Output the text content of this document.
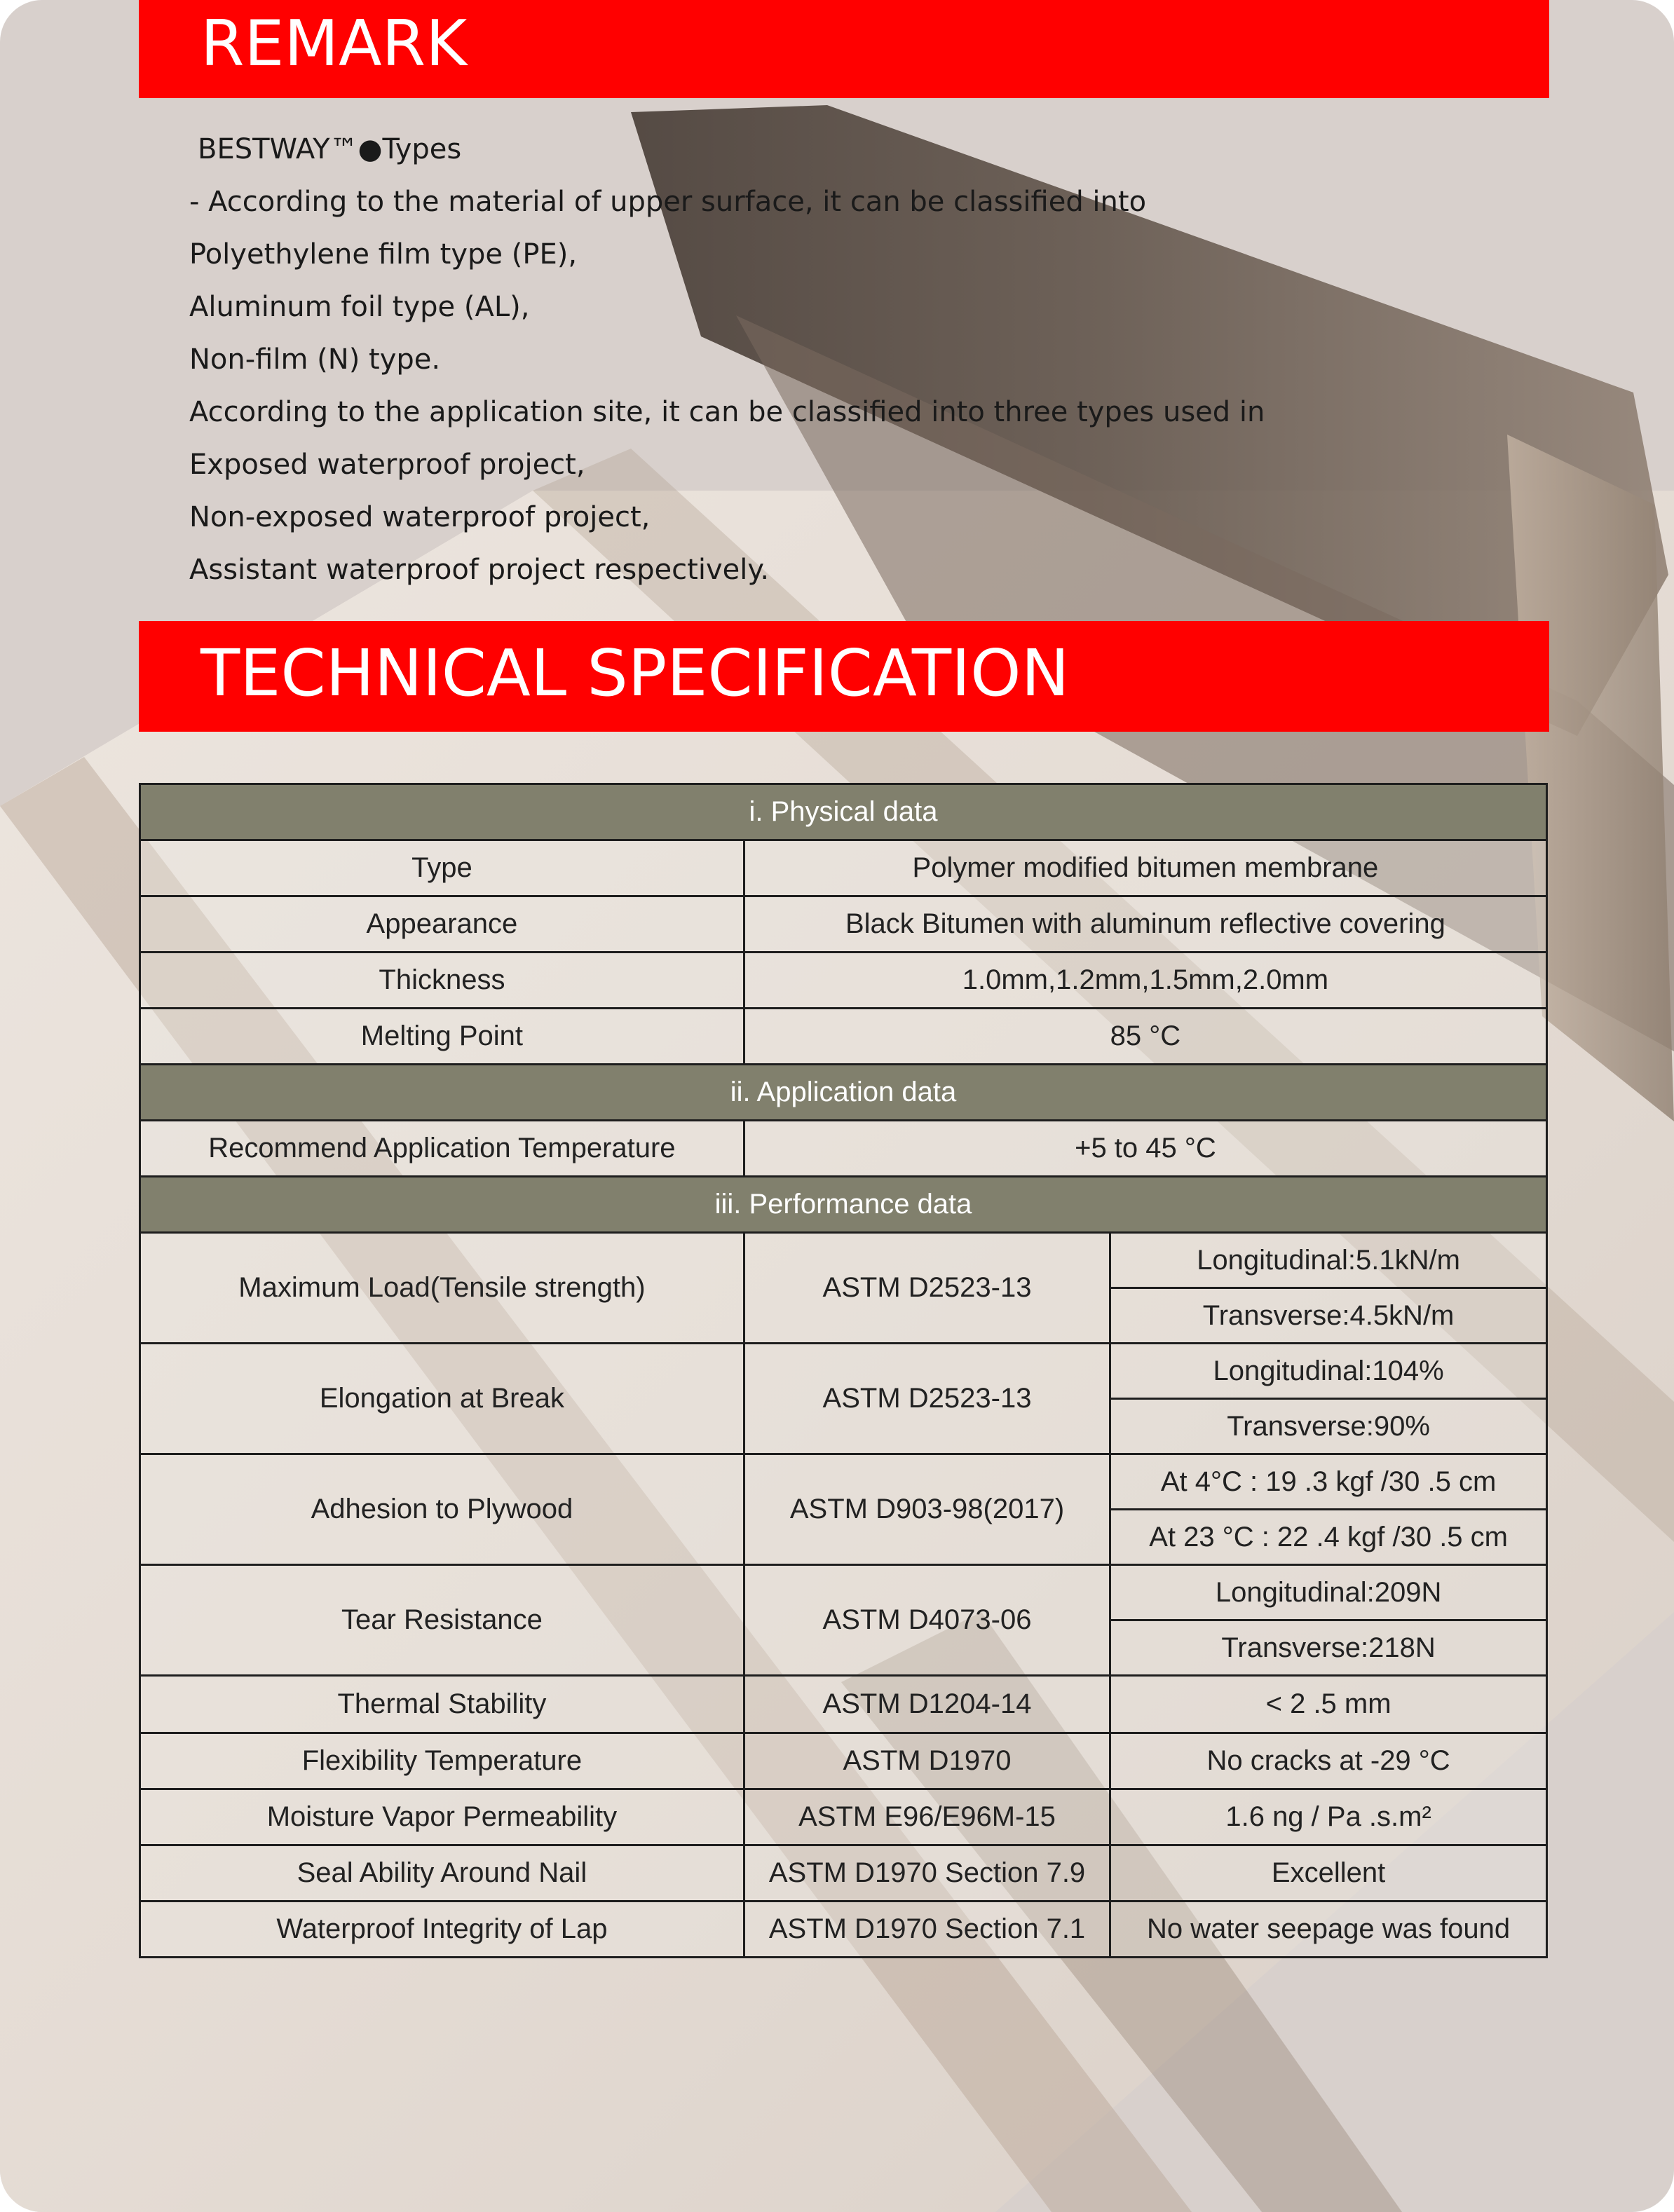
REMARK
BESTWAY™●Types
- According to the material of upper surface, it can be classified into
Polyethylene film type (PE),
Aluminum foil type (AL),
Non-film (N) type.
According to the application site, it can be classified into three types used in
Exposed waterproof project,
Non-exposed waterproof project,
Assistant waterproof project respectively.
TECHNICAL SPECIFICATION
i. Physical data		
Type	Polymer modified bitumen membrane	
Appearance	Black Bitumen with aluminum reflective covering	
Thickness	1.0mm,1.2mm,1.5mm,2.0mm	
Melting Point	85 °C	
ii. Application data		
Recommend Application Temperature	+5 to 45 °C	
iii. Performance data		
Maximum Load(Tensile strength)	ASTM D2523-13	Longitudinal:5.1kN/m
		Transverse:4.5kN/m
Elongation at Break	ASTM D2523-13	Longitudinal:104%
		Transverse:90%
Adhesion to Plywood	ASTM D903-98(2017)	At 4°C : 19 .3 kgf /30 .5 cm
		At 23 °C : 22 .4 kgf /30 .5 cm
Tear Resistance	ASTM D4073-06	Longitudinal:209N
		Transverse:218N
Thermal Stability	ASTM D1204-14	< 2 .5 mm
Flexibility Temperature	ASTM D1970	No cracks at -29 °C
Moisture Vapor Permeability	ASTM E96/E96M-15	1.6 ng / Pa .s.m²
Seal Ability Around Nail	ASTM D1970 Section 7.9	Excellent
Waterproof Integrity of Lap	ASTM D1970 Section 7.1	No water seepage was found
